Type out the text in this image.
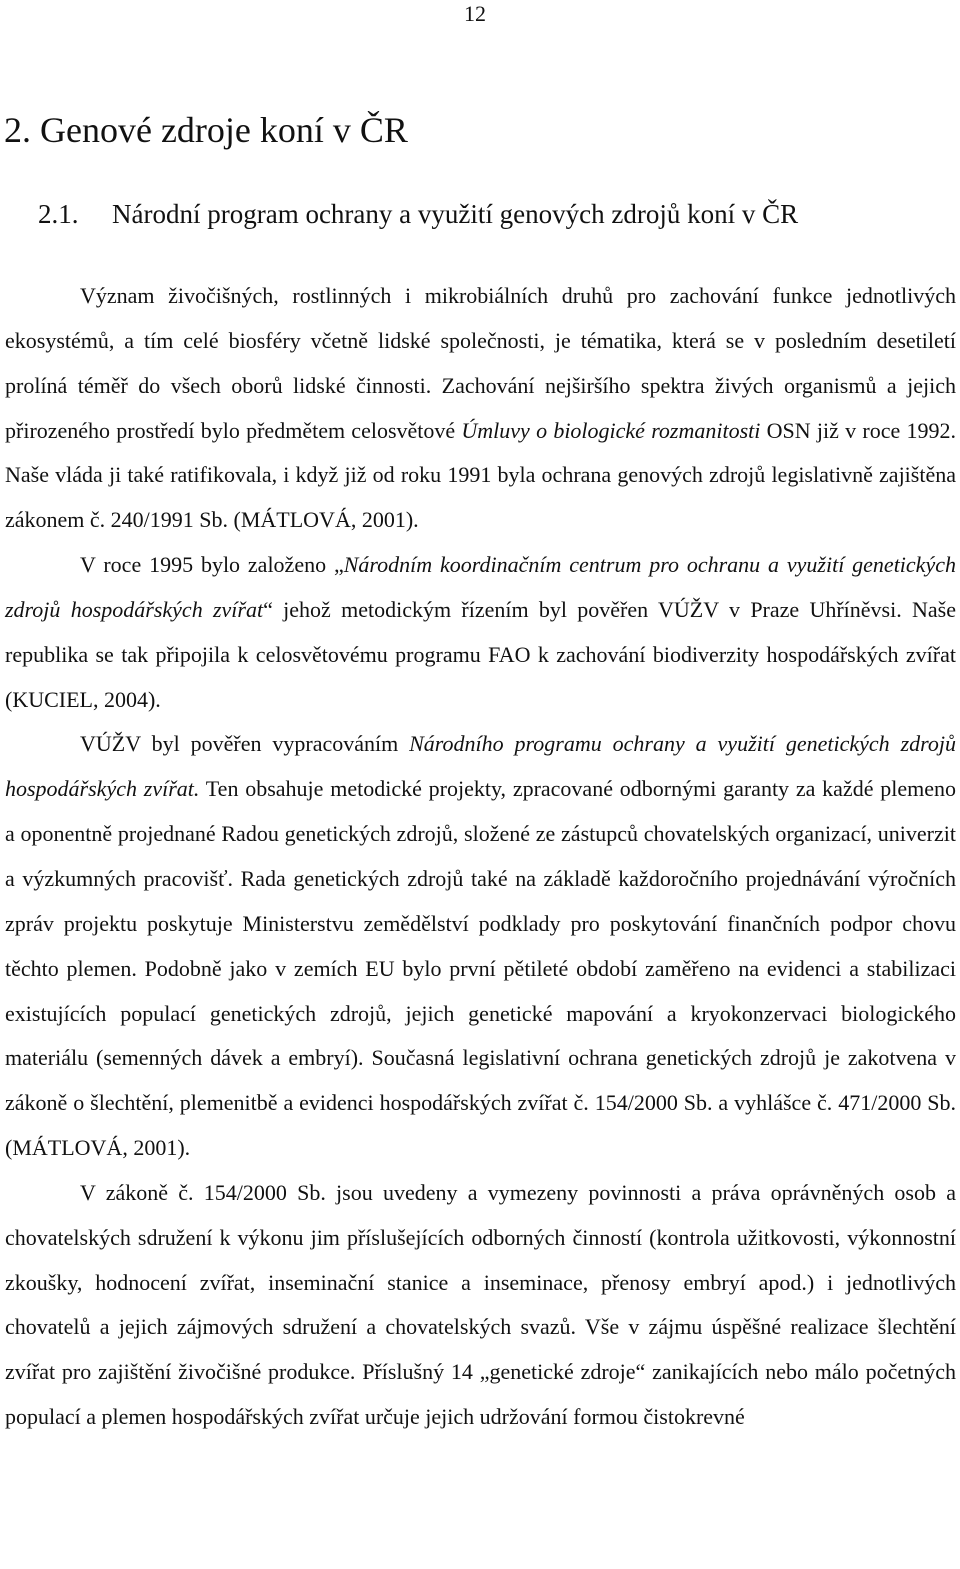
12
2. Genové zdroje koní v ČR
2.1. Národní program ochrany a využití genových zdrojů koní v ČR

Význam živočišných, rostlinných i mikrobiálních druhů pro zachování funkce jednotlivých ekosystémů, a tím celé biosféry včetně lidské společnosti, je tématika, která se v posledním desetiletí prolíná téměř do všech oborů lidské činnosti. Zachování nejširšího spektra živých organismů a jejich přirozeného prostředí bylo předmětem celosvětové Úmluvy o biologické rozmanitosti OSN již v roce 1992. Naše vláda ji také ratifikovala, i když již od roku 1991 byla ochrana genových zdrojů legislativně zajištěna zákonem č. 240/1991 Sb. (MÁTLOVÁ, 2001).

V roce 1995 bylo založeno „Národním koordinačním centrum pro ochranu a využití genetických zdrojů hospodářských zvířat“ jehož metodickým řízením byl pověřen VÚŽV v Praze Uhříněvsi. Naše republika se tak připojila k celosvětovému programu FAO k zachování biodiverzity hospodářských zvířat (KUCIEL, 2004).

VÚŽV byl pověřen vypracováním Národního programu ochrany a využití genetických zdrojů hospodářských zvířat. Ten obsahuje metodické projekty, zpracované odbornými garanty za každé plemeno a oponentně projednané Radou genetických zdrojů, složené ze zástupců chovatelských organizací, univerzit a výzkumných pracovišť. Rada genetických zdrojů také na základě každoročního projednávání výročních zpráv projektu poskytuje Ministerstvu zemědělství podklady pro poskytování finančních podpor chovu těchto plemen. Podobně jako v zemích EU bylo první pětileté období zaměřeno na evidenci a stabilizaci existujících populací genetických zdrojů, jejich genetické mapování a kryokonzervaci biologického materiálu (semenných dávek a embryí). Současná legislativní ochrana genetických zdrojů je zakotvena v zákoně o šlechtění, plemenitbě a evidenci hospodářských zvířat č. 154/2000 Sb. a vyhlášce č. 471/2000 Sb. (MÁTLOVÁ, 2001).

V zákoně č. 154/2000 Sb. jsou uvedeny a vymezeny povinnosti a práva oprávněných osob a chovatelských sdružení k výkonu jim příslušejících odborných činností (kontrola užitkovosti, výkonnostní zkoušky, hodnocení zvířat, inseminační stanice a inseminace, přenosy embryí apod.) i jednotlivých chovatelů a jejich zájmových sdružení a chovatelských svazů. Vše v zájmu úspěšné realizace šlechtění zvířat pro zajištění živočišné produkce. Příslušný 14 „genetické zdroje“ zanikajících nebo málo početných populací a plemen hospodářských zvířat určuje jejich udržování formou čistokrevné
